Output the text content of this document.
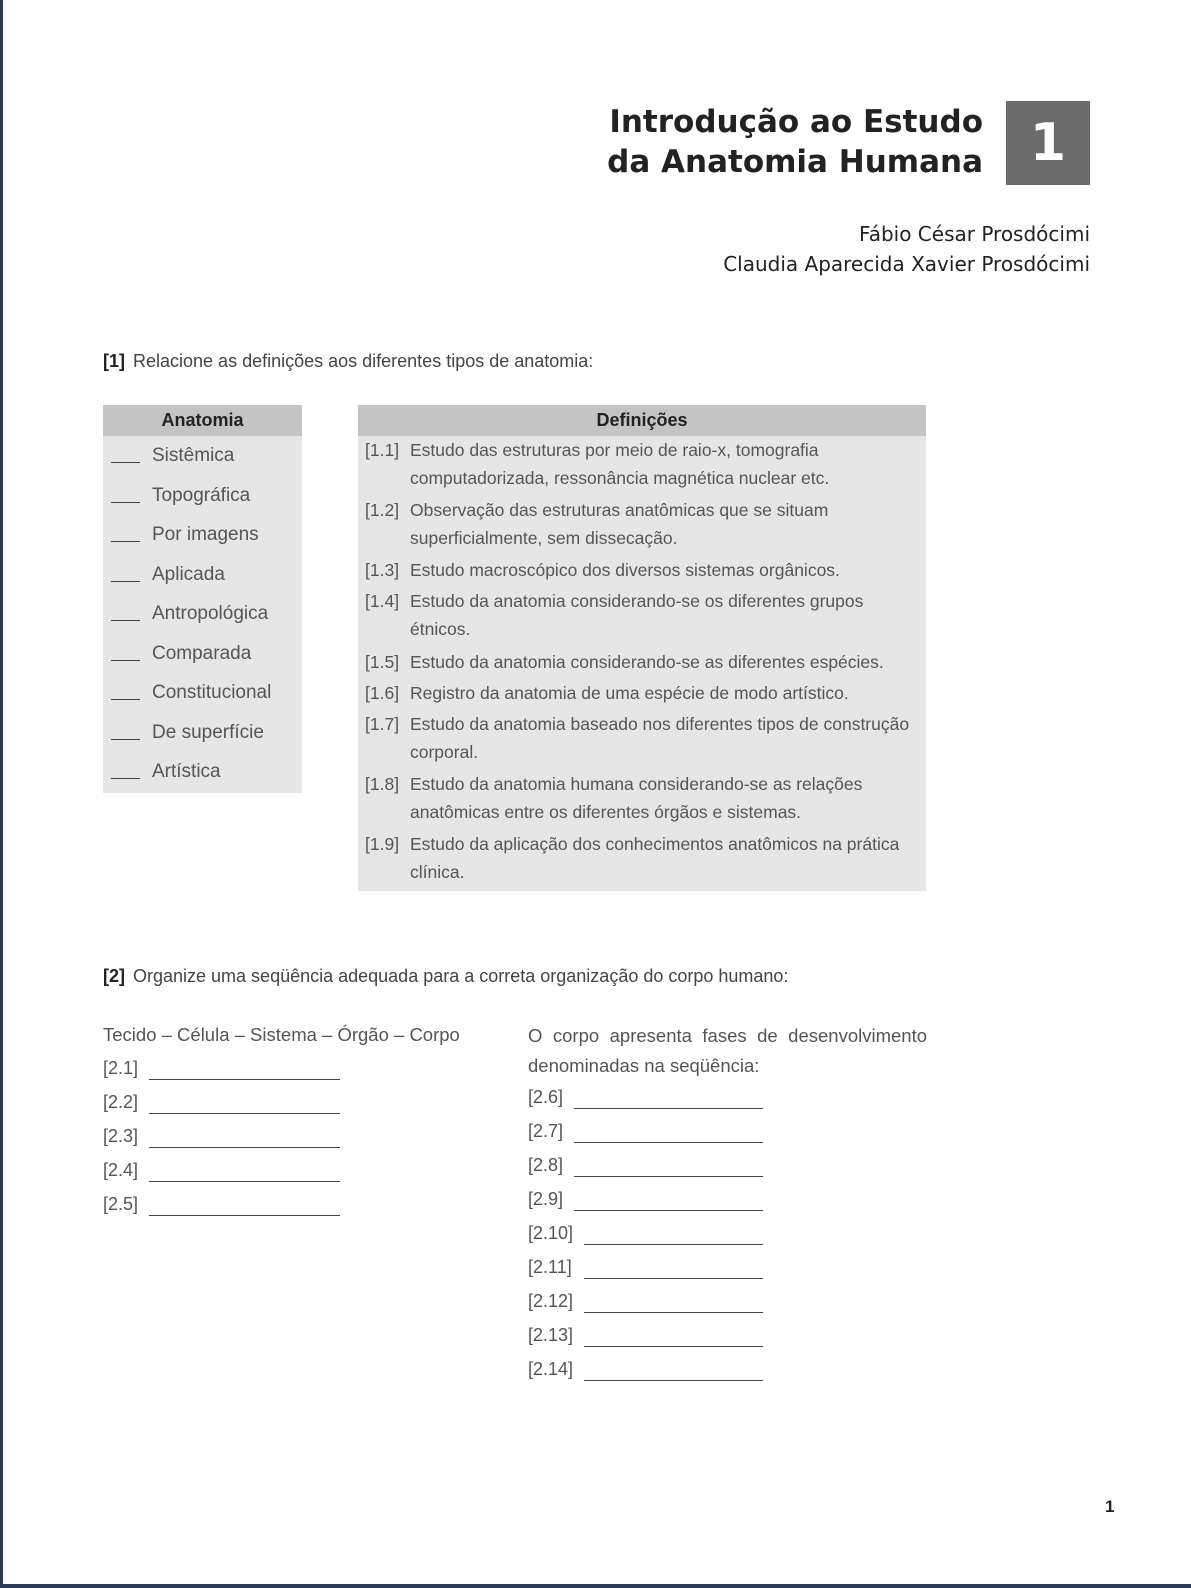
Introdução ao Estudo
da Anatomia Humana 1
Fábio César Prosdócimi
Claudia Aparecida Xavier Prosdócimi
[1] Relacione as definições aos diferentes tipos de anatomia:
Anatomia
Sistêmica
Topográfica
Por imagens
Aplicada
Antropológica
Comparada
Constitucional
De superfície
Artística
Definições
[1.1] Estudo das estruturas por meio de raio-x, tomografia computadorizada, ressonância magnética nuclear etc.
[1.2] Observação das estruturas anatômicas que se situam superficialmente, sem dissecação.
[1.3] Estudo macroscópico dos diversos sistemas orgânicos.
[1.4] Estudo da anatomia considerando-se os diferentes grupos étnicos.
[1.5] Estudo da anatomia considerando-se as diferentes espécies.
[1.6] Registro da anatomia de uma espécie de modo artístico.
[1.7] Estudo da anatomia baseado nos diferentes tipos de construção corporal.
[1.8] Estudo da anatomia humana considerando-se as relações anatômicas entre os diferentes órgãos e sistemas.
[1.9] Estudo da aplicação dos conhecimentos anatômicos na prática clínica.
[2] Organize uma seqüência adequada para a correta organização do corpo humano:
Tecido – Célula – Sistema – Órgão – Corpo
[2.1]
[2.2]
[2.3]
[2.4]
[2.5]
O corpo apresenta fases de desenvolvimento denominadas na seqüência:
[2.6]
[2.7]
[2.8]
[2.9]
[2.10]
[2.11]
[2.12]
[2.13]
[2.14]
1
